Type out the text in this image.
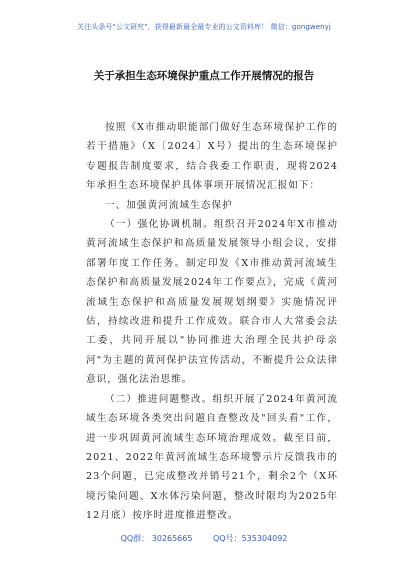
关注头条号"公文研究"，获得最新最全最专业的公文资料库！ 微信：gongwenyj
关于承担生态环境保护重点工作开展情况的报告

按照《X市推动职能部门做好生态环境保护工作的若干措施》（X〔2024〕X号）提出的生态环境保护专题报告制度要求，结合我委工作职责，现将2024年承担生态环境保护具体事项开展情况汇报如下：

一、加强黄河流域生态保护

（一）强化协调机制。组织召开2024年X市推动黄河流域生态保护和高质量发展领导小组会议，安排部署年度工作任务。制定印发《X市推动黄河流域生态保护和高质量发展2024年工作要点》，完成《黄河流域生态保护和高质量发展规划纲要》实施情况评估，持续改进和提升工作成效。联合市人大常委会法工委，共同开展以"协同推进大治理全民共护母亲河"为主题的黄河保护法宣传活动，不断提升公众法律意识，强化法治思维。

（二）推进问题整改。组织开展了2024年黄河流域生态环境各类突出问题自查整改及"回头看"工作，进一步巩固黄河流域生态环境治理成效。截至目前，2021、2022年黄河流域生态环境警示片反馈我市的23个问题，已完成整改并销号21个，剩余2个（X环境污染问题、X水体污染问题，整改时限均为2025年12月底）按序时进度推进整改。

QQ群： 30265665	QQ号：535304092
